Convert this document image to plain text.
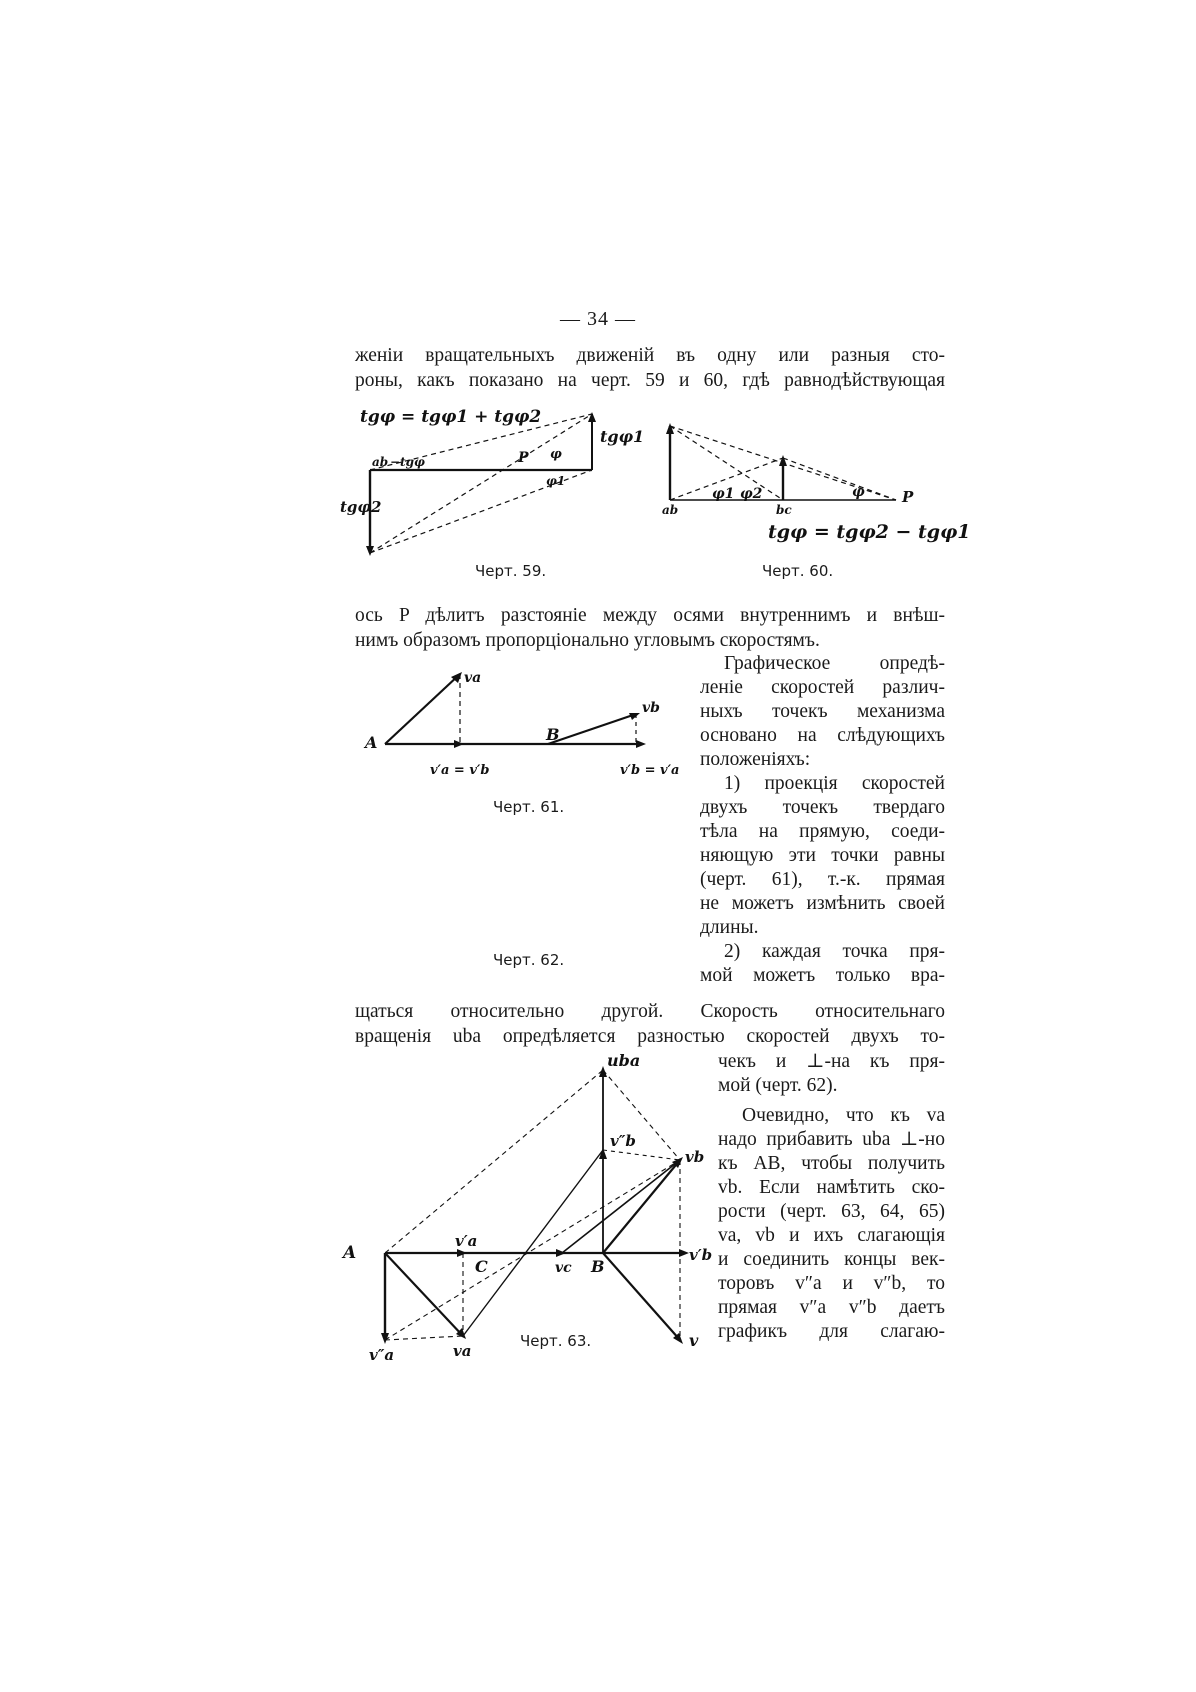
— 34 —
женіи вращательныхъ движеній въ одну или разныя сто-
роны, какъ показано на черт. 59 и 60, гдѣ равнодѣйствующая
tgφ = tgφ1 + tgφ2
tgφ1
tgφ2
ab −tgφ	P φ
φ1
Черт. 59.
ab	bc
φ1 φ2	φ P
tgφ = tgφ2 − tgφ1
Черт. 60.
ось P дѣлитъ разстояніе между осями внутреннимъ и внѣш-
нимъ образомъ пропорціонально угловымъ скоростямъ.
A	B
va
vb
v′a = v′b	v′b = v′a
Черт. 61.
Графическое опредѣ-
леніе скоростей различ-
ныхъ точекъ механизма
основано на слѣдующихъ
положеніяхъ:
1) проекція скоростей
двухъ точекъ твердаго
тѣла на прямую, соеди-
няющую эти точки равны
(черт. 61), т.-к. прямая
не можетъ измѣнить своей
длины.
2) каждая точка пря-
мой можетъ только вра-
Черт. 62.
щаться относительно другой. Скорость относительнаго
вращенія uba опредѣляется разностью скоростей двухъ то-
A
B
C
uba
v″b
vb
v′a
vc
v′b
v″a	va
v
Черт. 63.
чекъ и ⊥-на къ пря-
мой (черт. 62).
Очевидно, что къ va
надо прибавить uba ⊥-но
къ AB, чтобы получить
vb. Если намѣтить ско-
рости (черт. 63, 64, 65)
va, vb и ихъ слагающія
и соединить концы век-
торовъ v″a и v″b, то
прямая v″a v″b даетъ
графикъ для слагаю-
